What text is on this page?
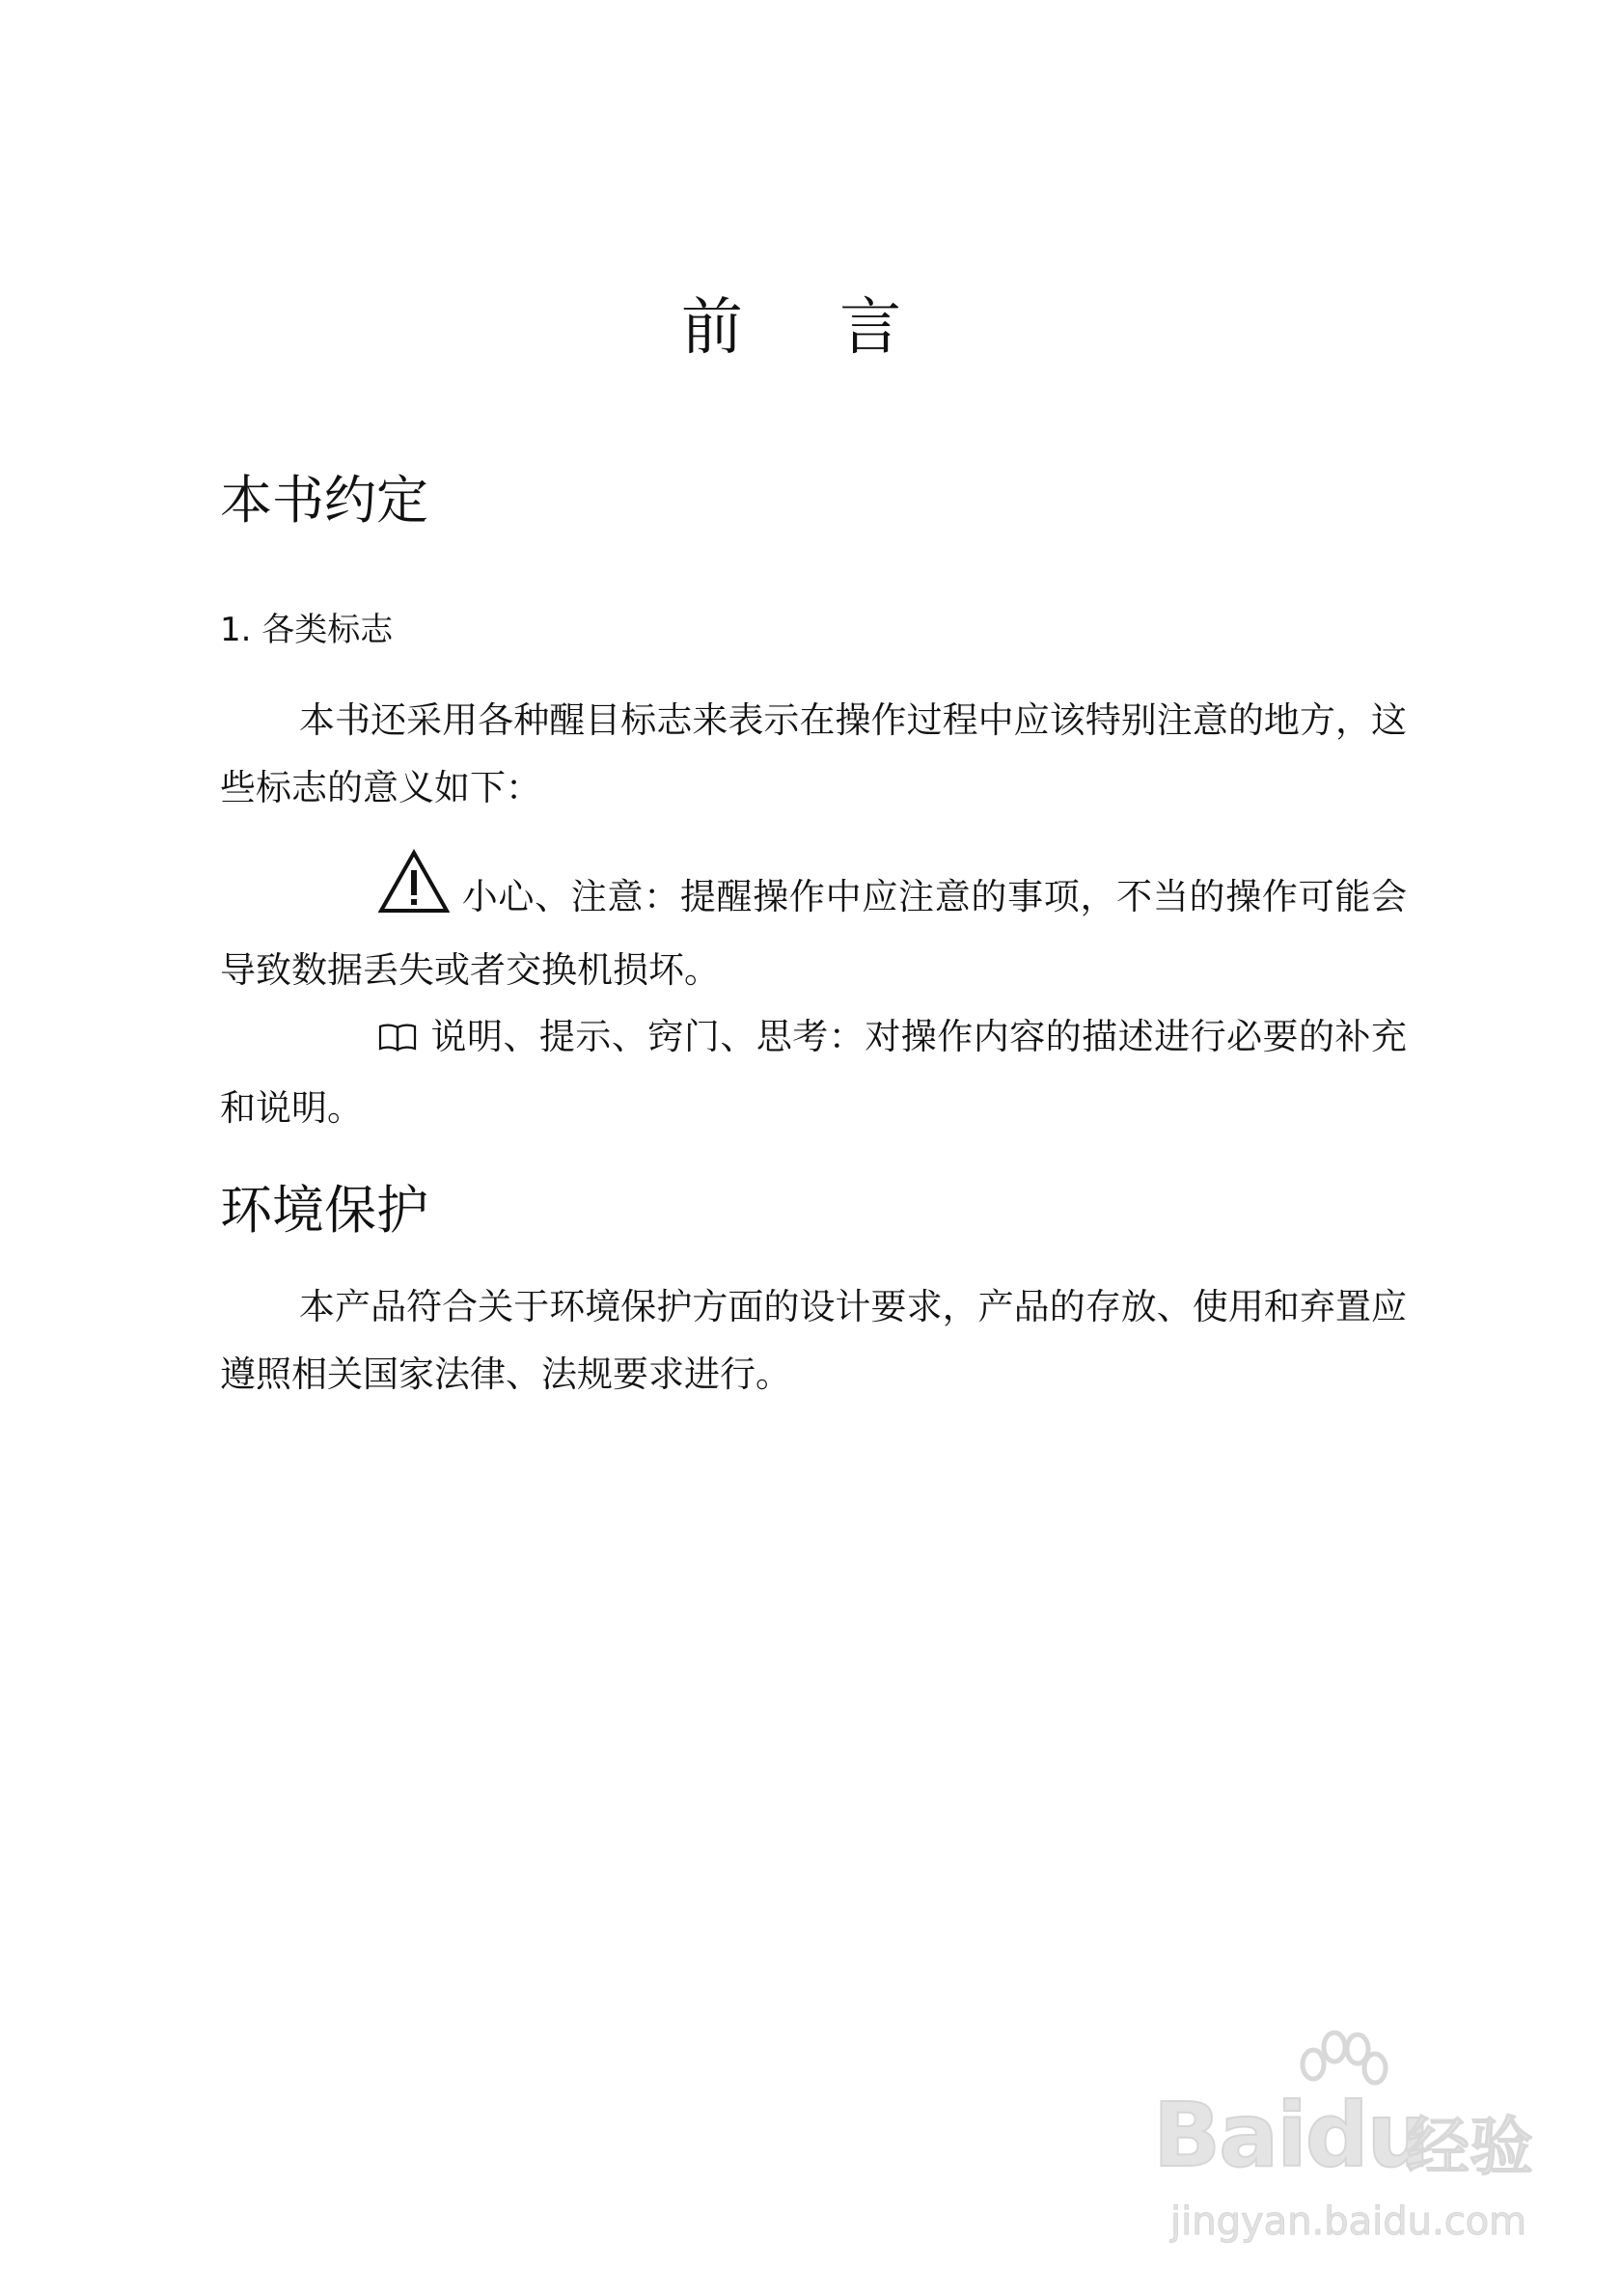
前 言
本书约定
1. 各类标志
本书还采用各种醒目标志来表示在操作过程中应该特别注意的地方，这些标志的意义如下：
小心、注意：提醒操作中应注意的事项，不当的操作可能会导致数据丢失或者交换机损坏。
说明、提示、窍门、思考：对操作内容的描述进行必要的补充和说明。
环境保护
本产品符合关于环境保护方面的设计要求，产品的存放、使用和弃置应遵照相关国家法律、法规要求进行。
Baidu
经验
jingyan.baidu.com
